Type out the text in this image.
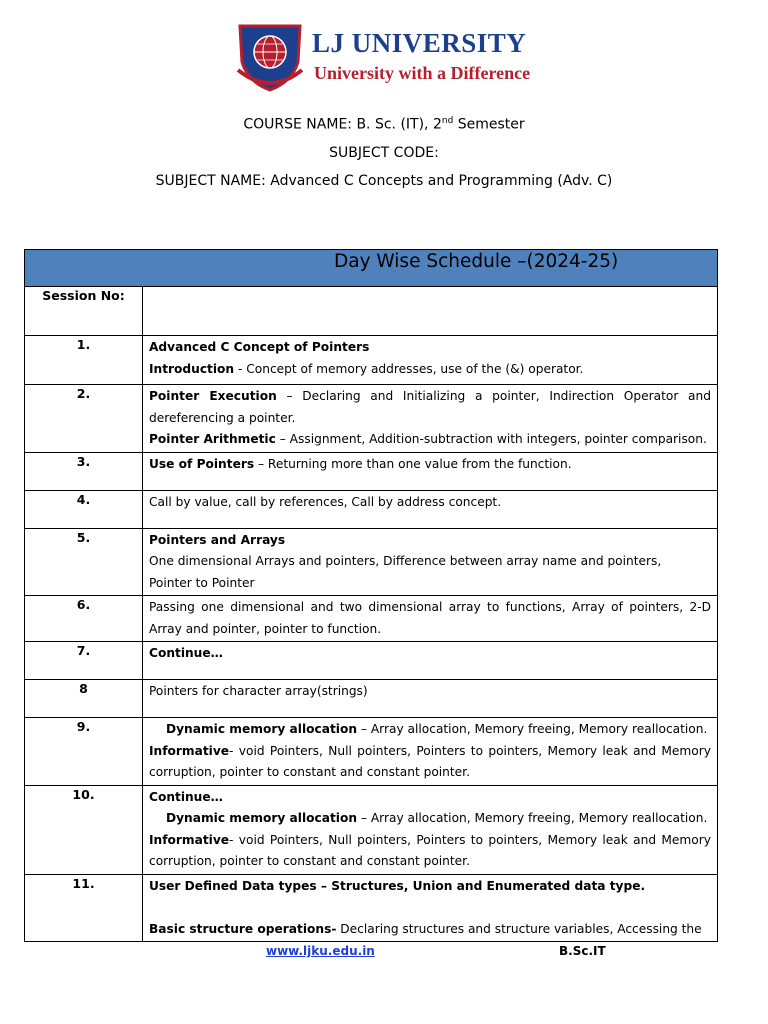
LJ UNIVERSITY
University with a Difference
COURSE NAME: B. Sc. (IT), 2nd Semester
SUBJECT CODE:
SUBJECT NAME: Advanced C Concepts and Programming (Adv. C)
Day Wise Schedule –(2024-25)	

Session No:	
1.	Advanced C Concept of Pointers
Introduction - Concept of memory addresses, use of the (&) operator.

2.	Pointer Execution – Declaring and Initializing a pointer, Indirection Operator and dereferencing a pointer.
Pointer Arithmetic – Assignment, Addition-subtraction with integers, pointer comparison.

3.	Use of Pointers – Returning more than one value from the function.

4.	Call by value, call by references, Call by address concept.

5.	Pointers and Arrays
One dimensional Arrays and pointers, Difference between array name and pointers,
Pointer to Pointer

6.	Passing one dimensional and two dimensional array to functions, Array of pointers, 2-D Array and pointer, pointer to function.

7.	Continue…

8	Pointers for character array(strings)

9.	Dynamic memory allocation – Array allocation, Memory freeing, Memory reallocation.
Informative- void Pointers, Null pointers, Pointers to pointers, Memory leak and Memory corruption, pointer to constant and constant pointer.

10.	Continue…
Dynamic memory allocation – Array allocation, Memory freeing, Memory reallocation.
Informative- void Pointers, Null pointers, Pointers to pointers, Memory leak and Memory corruption, pointer to constant and constant pointer.

11.	User Defined Data types – Structures, Union and Enumerated data type.

Basic structure operations- Declaring structures and structure variables, Accessing the
www.ljku.edu.in	B.Sc.IT
